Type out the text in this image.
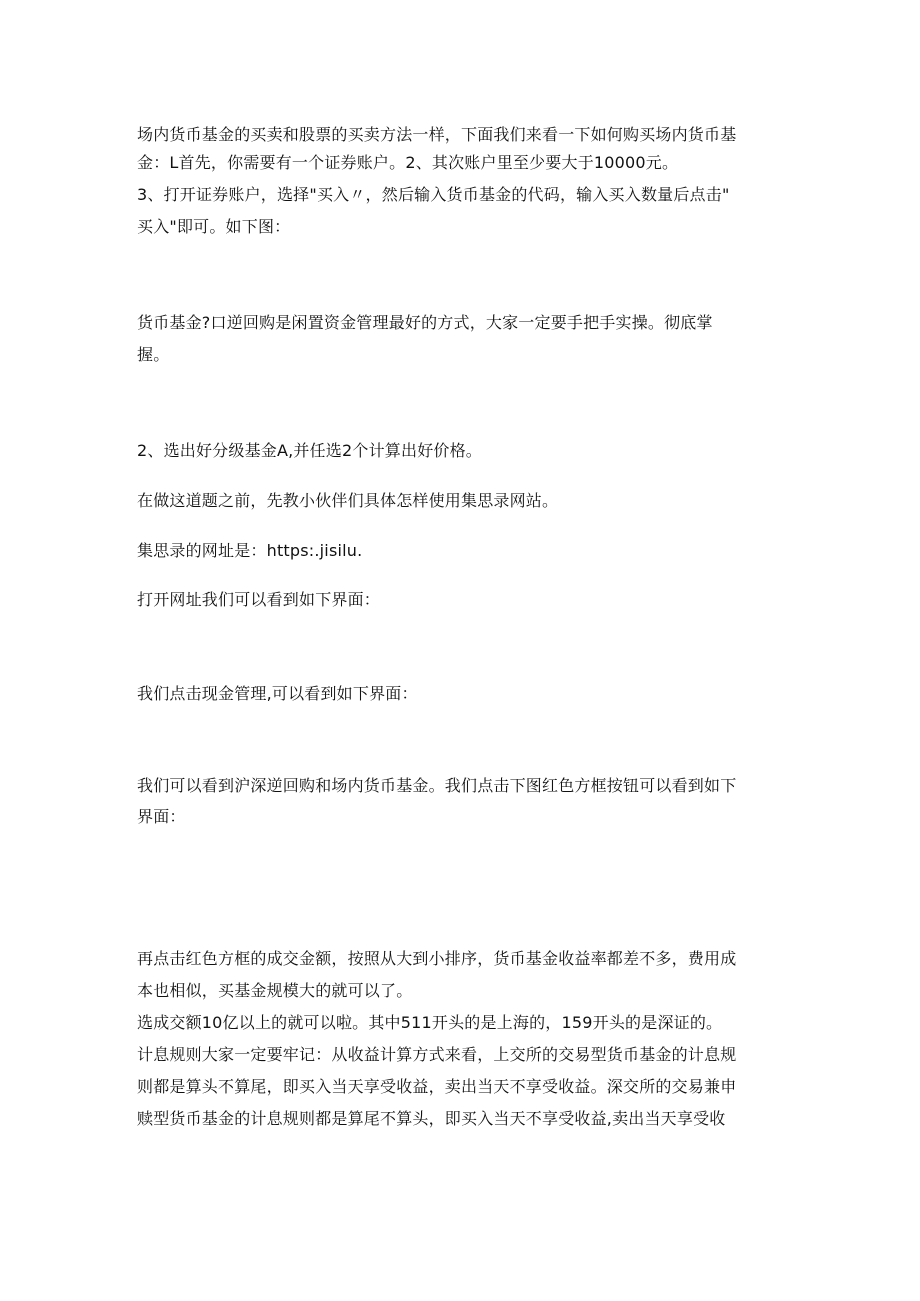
场内货币基金的买卖和股票的买卖方法一样，下面我们来看一下如何购买场内货币基
金：L首先，你需要有一个证券账户。2、其次账户里至少要大于10000元。
3、打开证券账户，选择"买入〃，然后输入货币基金的代码，输入买入数量后点击"
买入"即可。如下图：
货币基金?口逆回购是闲置资金管理最好的方式，大家一定要手把手实操。彻底掌
握。
2、选出好分级基金A,并任选2个计算出好价格。
在做这道题之前，先教小伙伴们具体怎样使用集思录网站。
集思录的网址是：https:.jisilu.
打开网址我们可以看到如下界面：
我们点击现金管理,可以看到如下界面：
我们可以看到沪深逆回购和场内货币基金。我们点击下图红色方框按钮可以看到如下
界面：
再点击红色方框的成交金额，按照从大到小排序，货币基金收益率都差不多，费用成
本也相似，买基金规模大的就可以了。
选成交额10亿以上的就可以啦。其中511开头的是上海的，159开头的是深证的。
计息规则大家一定要牢记：从收益计算方式来看，上交所的交易型货币基金的计息规
则都是算头不算尾，即买入当天享受收益，卖出当天不享受收益。深交所的交易兼申
赎型货币基金的计息规则都是算尾不算头，即买入当天不享受收益,卖出当天享受收
